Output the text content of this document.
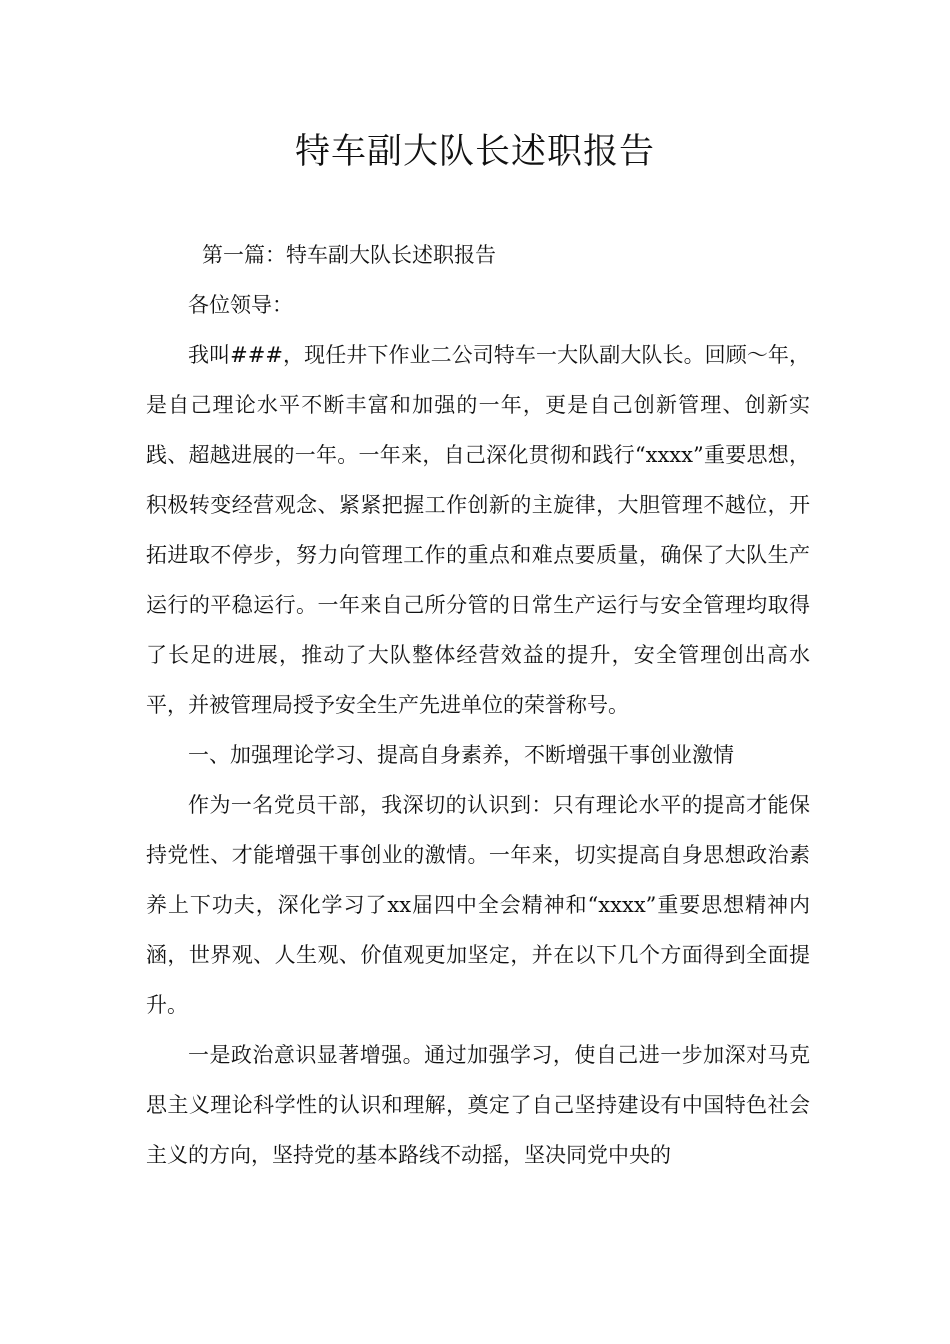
特车副大队长述职报告

第一篇：特车副大队长述职报告

各位领导：

我叫###，现任井下作业二公司特车一大队副大队长。回顾～年，是自己理论水平不断丰富和加强的一年，更是自己创新管理、创新实践、超越进展的一年。一年来，自己深化贯彻和践行“xxxx”重要思想，积极转变经营观念、紧紧把握工作创新的主旋律，大胆管理不越位，开拓进取不停步，努力向管理工作的重点和难点要质量，确保了大队生产运行的平稳运行。一年来自己所分管的日常生产运行与安全管理均取得了长足的进展，推动了大队整体经营效益的提升，安全管理创出高水平，并被管理局授予安全生产先进单位的荣誉称号。

一、加强理论学习、提高自身素养，不断增强干事创业激情

作为一名党员干部，我深切的认识到：只有理论水平的提高才能保持党性、才能增强干事创业的激情。一年来，切实提高自身思想政治素养上下功夫，深化学习了xx届四中全会精神和“xxxx”重要思想精神内涵，世界观、人生观、价值观更加坚定，并在以下几个方面得到全面提升。

一是政治意识显著增强。通过加强学习，使自己进一步加深对马克思主义理论科学性的认识和理解，奠定了自己坚持建设有中国特色社会主义的方向，坚持党的基本路线不动摇，坚决同党中央的
